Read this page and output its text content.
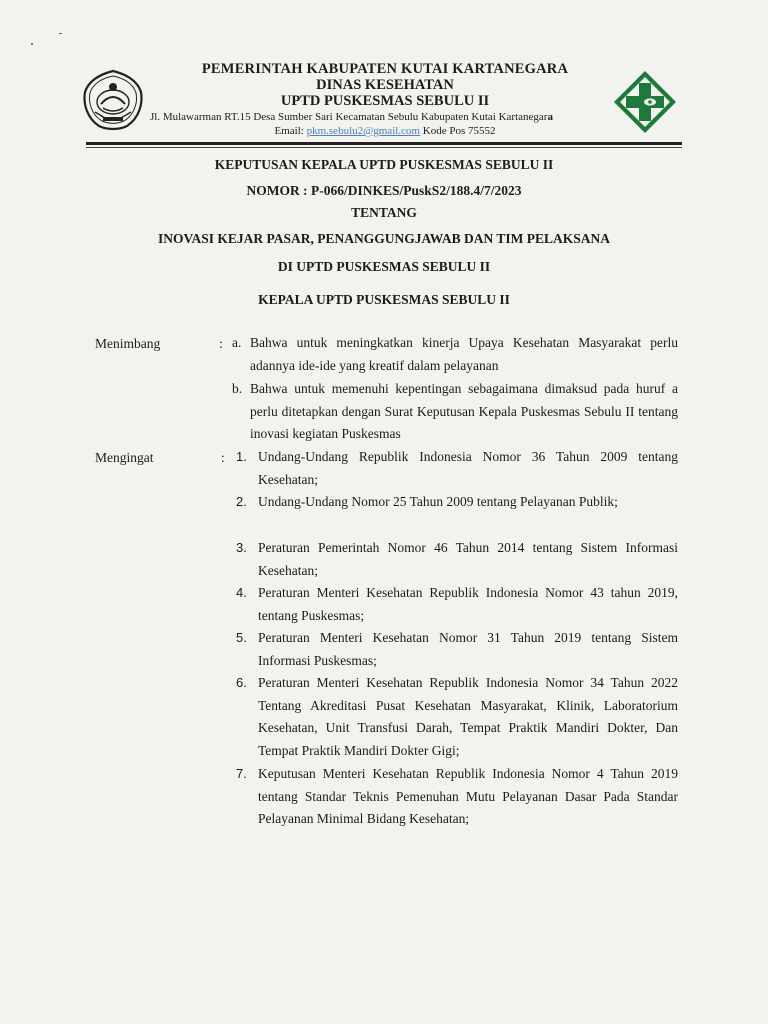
PEMERINTAH KABUPATEN KUTAI KARTANEGARA
DINAS KESEHATAN
UPTD PUSKESMAS SEBULU II
Jl. Mulawarman RT.15 Desa Sumber Sari Kecamatan Sebulu Kabupaten Kutai Kartanegara
Email: pkm.sebulu2@gmail.com Kode Pos 75552
KEPUTUSAN KEPALA UPTD PUSKESMAS SEBULU II
NOMOR : P-066/DINKES/PuskS2/188.4/7/2023
TENTANG
INOVASI KEJAR PASAR, PENANGGUNGJAWAB DAN TIM PELAKSANA
DI UPTD PUSKESMAS SEBULU II
KEPALA UPTD PUSKESMAS SEBULU II
Menimbang	: a. Bahwa untuk meningkatkan kinerja Upaya Kesehatan Masyarakat perlu adannya ide-ide yang kreatif dalam pelayanan
b. Bahwa untuk memenuhi kepentingan sebagaimana dimaksud pada huruf a perlu ditetapkan dengan Surat Keputusan Kepala Puskesmas Sebulu II tentang inovasi kegiatan Puskesmas
Mengingat	: 1. Undang-Undang Republik Indonesia Nomor 36 Tahun 2009 tentang Kesehatan;
2. Undang-Undang Nomor 25 Tahun 2009 tentang Pelayanan Publik;
3. Peraturan Pemerintah Nomor 46 Tahun 2014 tentang Sistem Informasi Kesehatan;
4. Peraturan Menteri Kesehatan Republik Indonesia Nomor 43 tahun 2019, tentang Puskesmas;
5. Peraturan Menteri Kesehatan Nomor 31 Tahun 2019 tentang Sistem Informasi Puskesmas;
6. Peraturan Menteri Kesehatan Republik Indonesia Nomor 34 Tahun 2022 Tentang Akreditasi Pusat Kesehatan Masyarakat, Klinik, Laboratorium Kesehatan, Unit Transfusi Darah, Tempat Praktik Mandiri Dokter, Dan Tempat Praktik Mandiri Dokter Gigi;
7. Keputusan Menteri Kesehatan Republik Indonesia Nomor 4 Tahun 2019 tentang Standar Teknis Pemenuhan Mutu Pelayanan Dasar Pada Standar Pelayanan Minimal Bidang Kesehatan;
